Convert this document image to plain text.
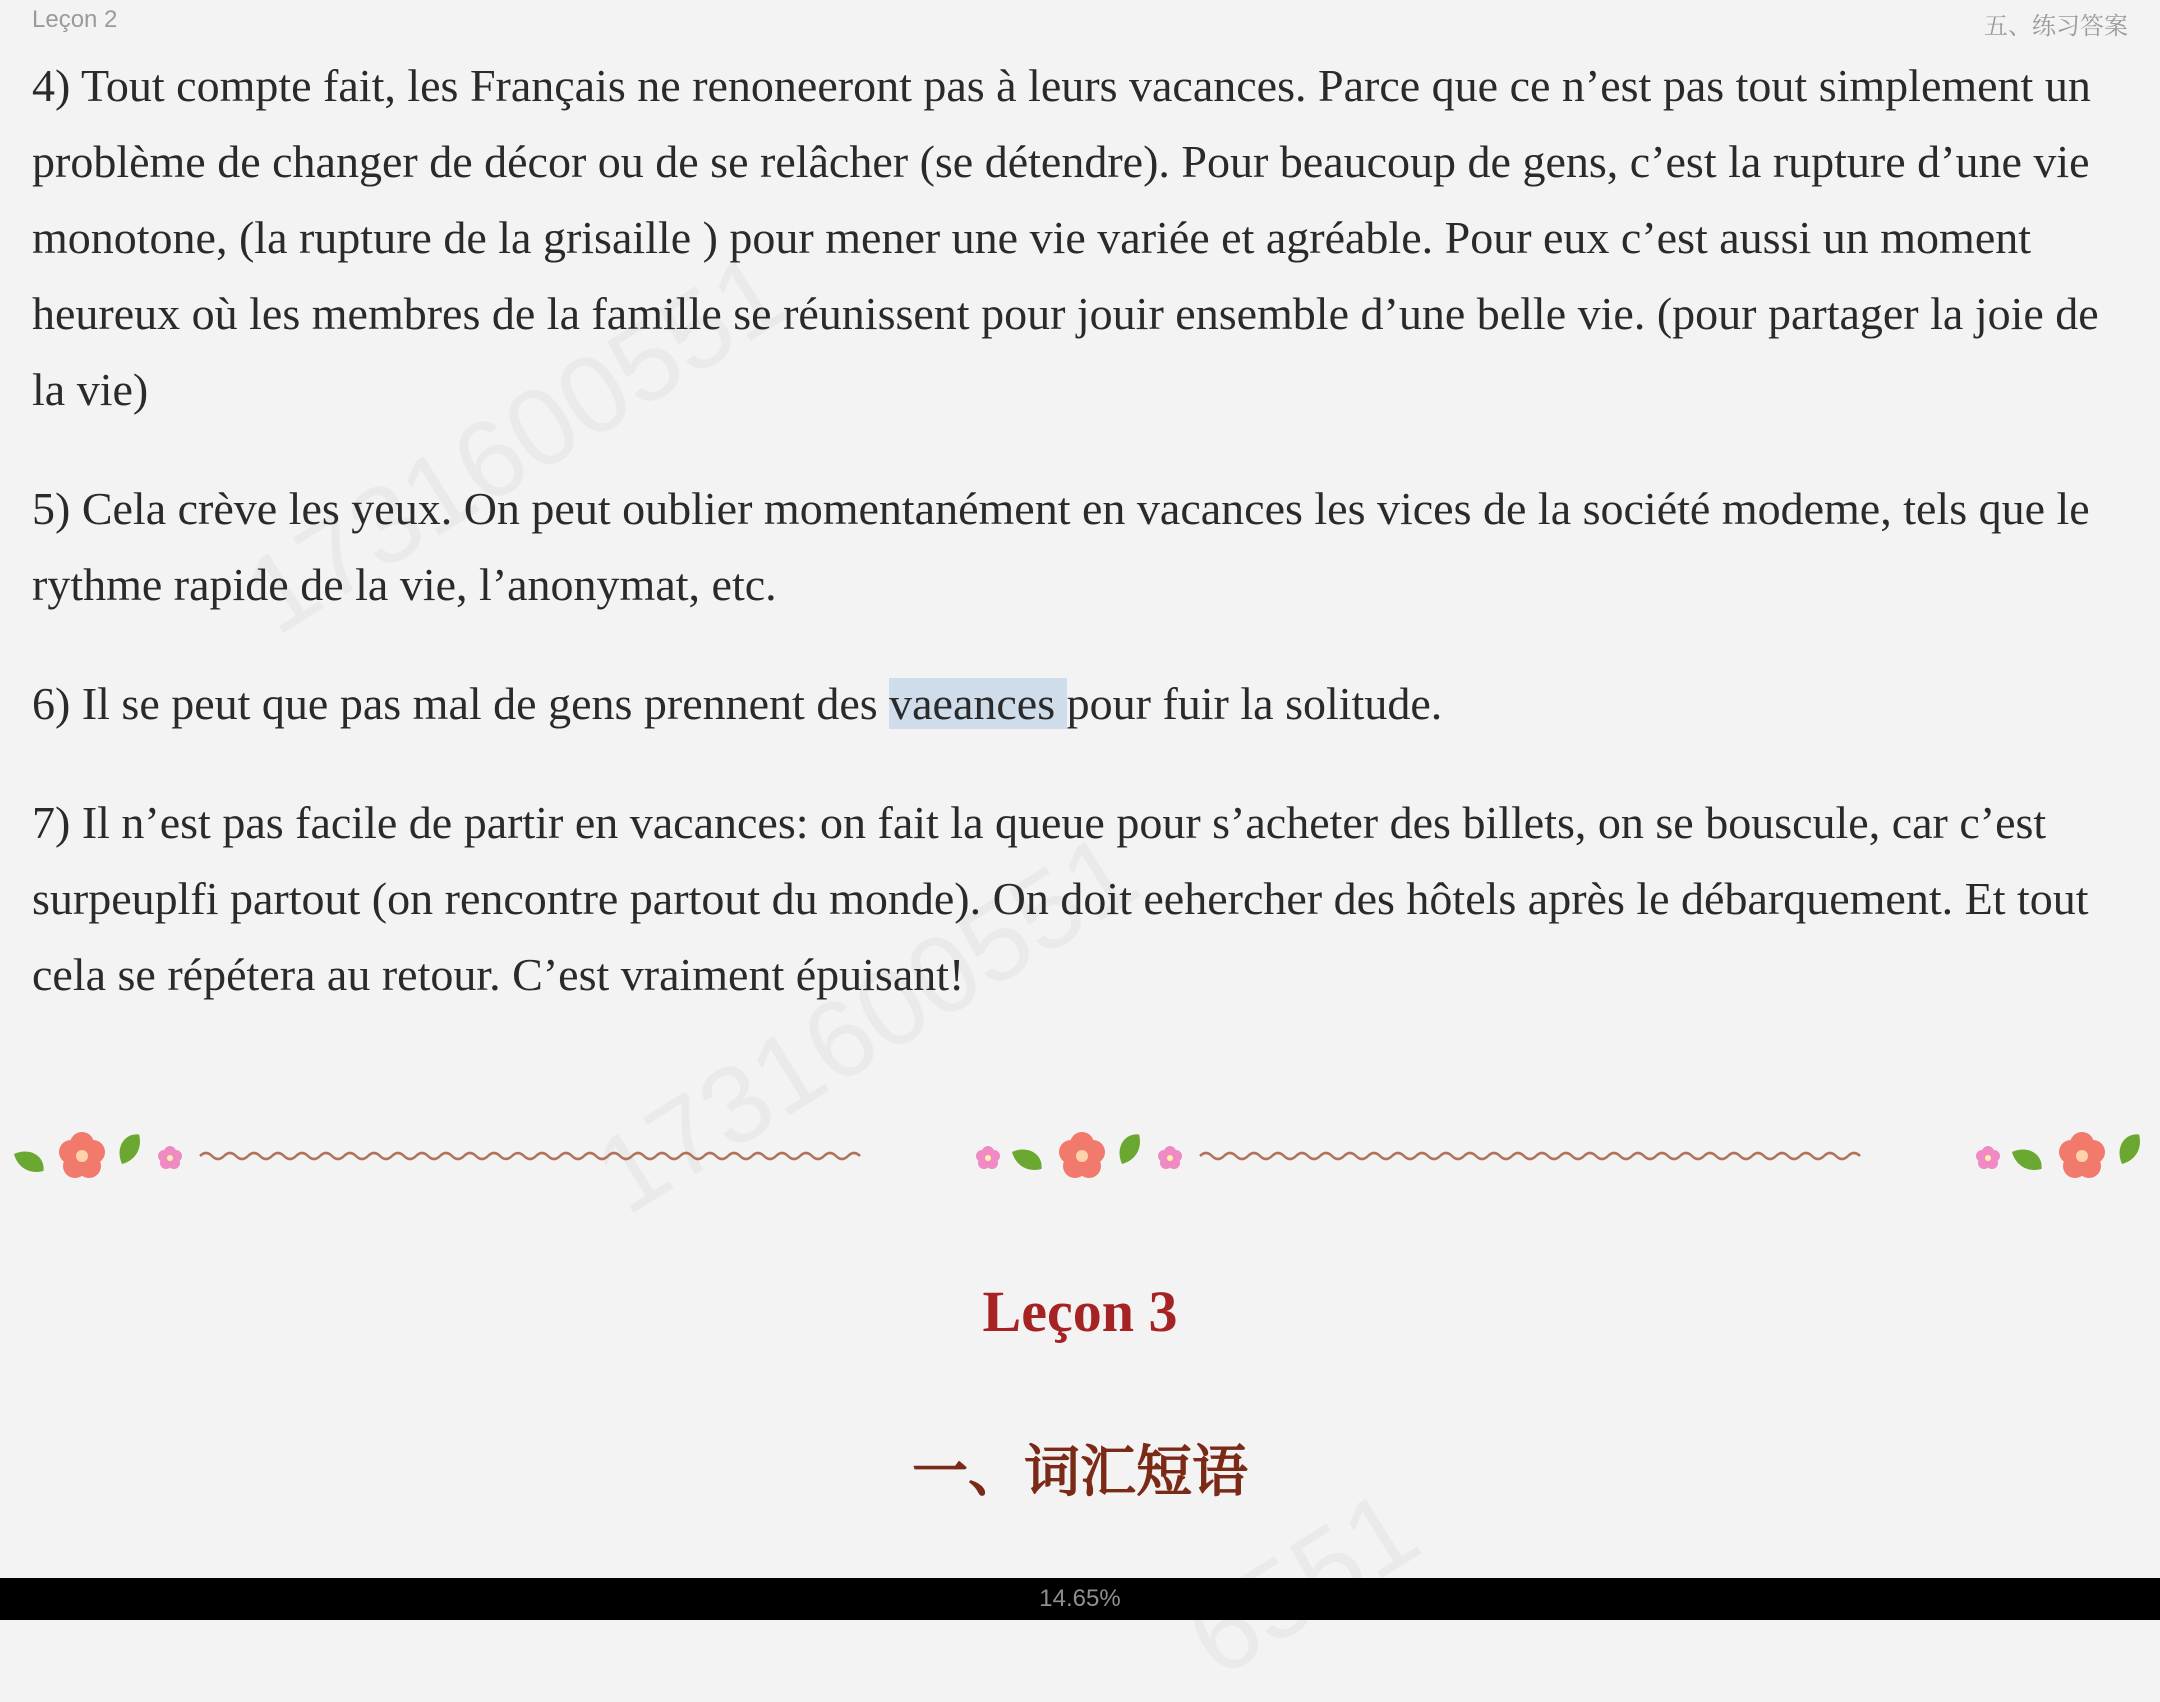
Leçon 2	五、练习答案

4) Tout compte fait, les Français ne renoneeront pas à leurs vacances. Parce que ce n’est pas tout simplement un problème de changer de décor ou de se relâcher (se détendre). Pour beaucoup de gens, c’est la rupture d’une vie monotone, (la rupture de la grisaille ) pour mener une vie variée et agréable. Pour eux c’est aussi un moment heureux où les membres de la famille se réunissent pour jouir ensemble d’une belle vie. (pour partager la joie de la vie)

5) Cela crève les yeux. On peut oublier momentanément en vacances les vices de la société modeme, tels que le rythme rapide de la vie, l’anonymat, etc.

6) Il se peut que pas mal de gens prennent des vaeances pour fuir la solitude.

7) Il n’est pas facile de partir en vacances: on fait la queue pour s’acheter des billets, on se bouscule, car c’est surpeuplfi partout (on rencontre partout du monde). On doit eehercher des hôtels après le débarquement. Et tout cela se répétera au retour. C’est vraiment épuisant!

Leçon 3
一、词汇短语
14.65%
